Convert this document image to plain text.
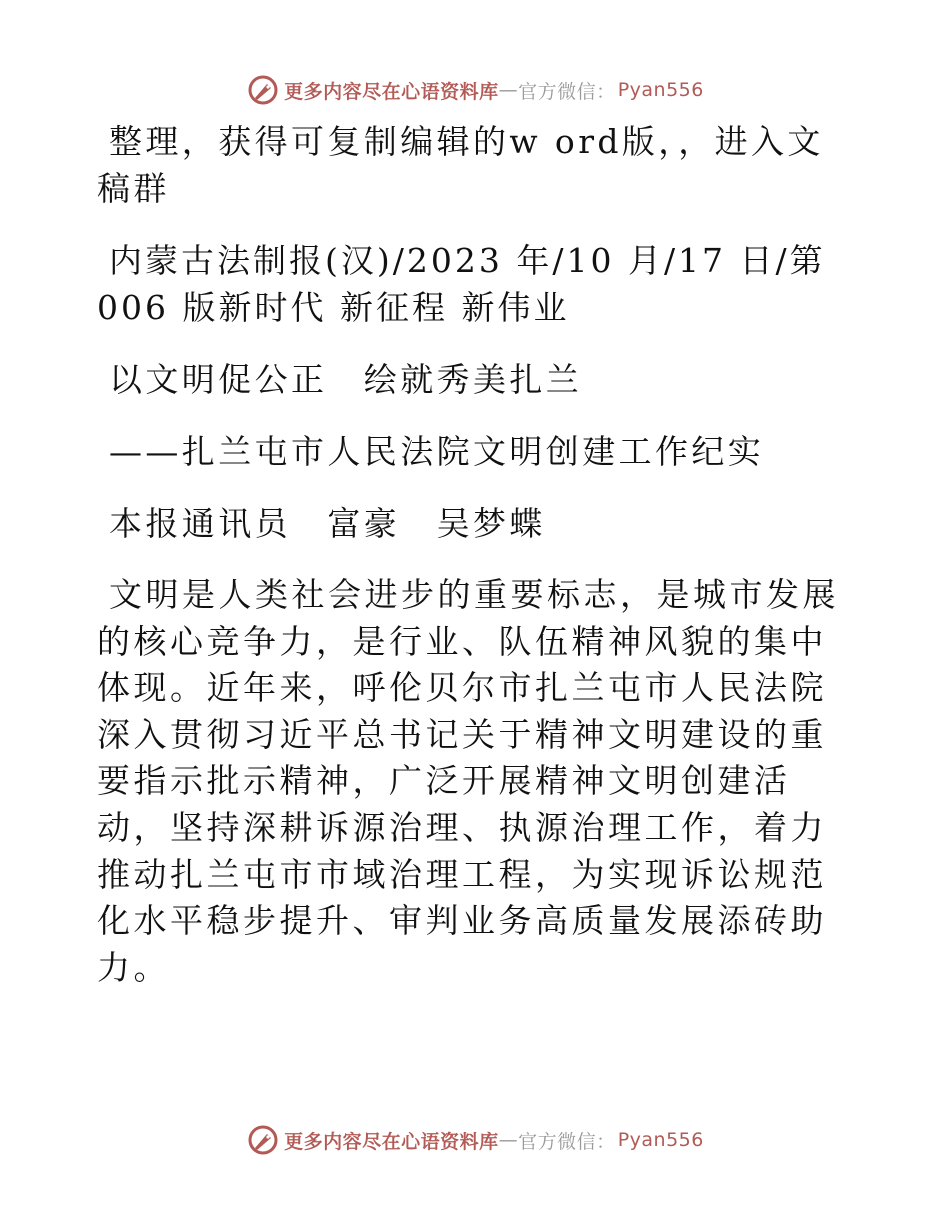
更多内容尽在心语资料库 — 官方微信： Pyan556

整理，获得可复制编辑的w ord版，，进入文稿群

内蒙古法制报(汉)/2023 年/10 月/17 日/第 006 版新时代 新征程 新伟业

以文明促公正　绘就秀美扎兰

——扎兰屯市人民法院文明创建工作纪实

本报通讯员　富豪　吴梦蝶

文明是人类社会进步的重要标志，是城市发展的核心竞争力，是行业、队伍精神风貌的集中体现。近年来，呼伦贝尔市扎兰屯市人民法院深入贯彻习近平总书记关于精神文明建设的重要指示批示精神，广泛开展精神文明创建活动，坚持深耕诉源治理、执源治理工作，着力推动扎兰屯市市域治理工程，为实现诉讼规范化水平稳步提升、审判业务高质量发展添砖助力。

更多内容尽在心语资料库 — 官方微信： Pyan556
